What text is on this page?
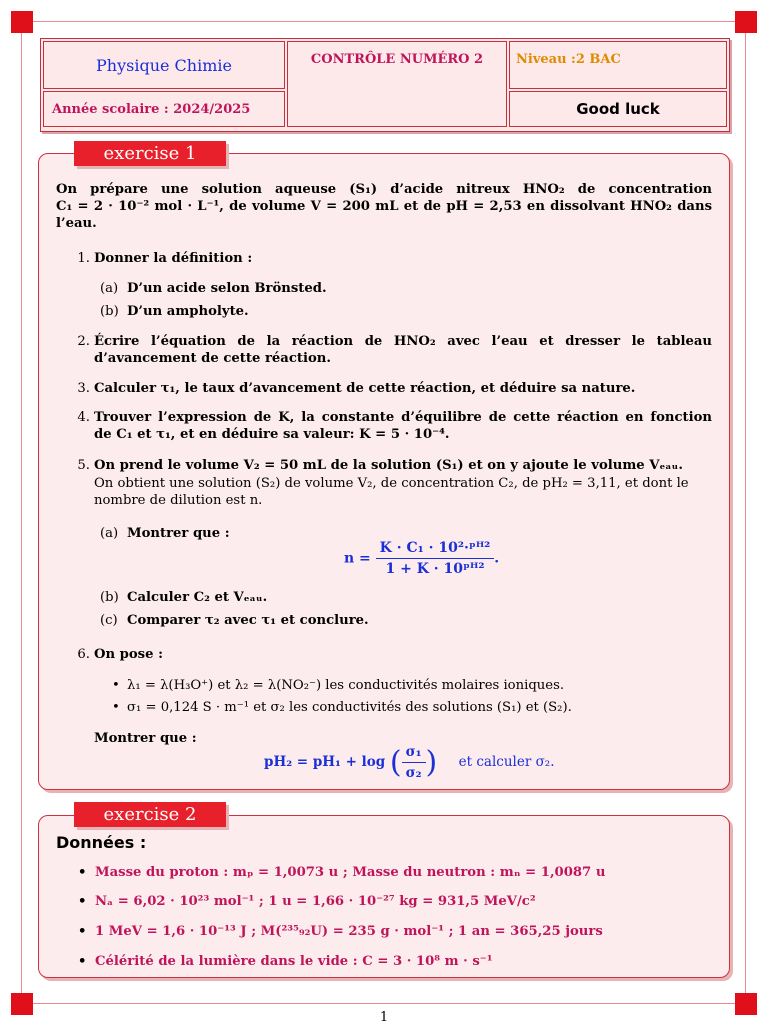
Physique Chimie
Année scolaire : 2024/2025
CONTRÔLE NUMÉRO 2	Niveau :2 BAC
Good luck
exercise 1
On prépare une solution aqueuse (S₁) d’acide nitreux HNO₂ de concentration
C₁ = 2 · 10⁻² mol · L⁻¹, de volume V = 200 mL et de pH = 2,53 en dissolvant HNO₂ dans
l’eau.
1. Donner la définition :
(a) D’un acide selon Brönsted.
(b) D’un ampholyte.
2. Écrire l’équation de la réaction de HNO₂ avec l’eau et dresser le tableau
d’avancement de cette réaction.
3. Calculer τ₁, le taux d’avancement de cette réaction, et déduire sa nature.
4. Trouver l’expression de K, la constante d’équilibre de cette réaction en fonction
de C₁ et τ₁, et en déduire sa valeur: K = 5 · 10⁻⁴.
5. On prend le volume V₂ = 50 mL de la solution (S₁) et on y ajoute le volume Vₑₐᵤ.
On obtient une solution (S₂) de volume V₂, de concentration C₂, de pH₂ = 3,11, et dont le
nombre de dilution est n.
(a) Montrer que :
$n = \frac{\text{K · C₁ · 10²·ᵖᴴ²}}{\text{1 + K · 10ᵖᴴ²}}$ .
(b) Calculer C₂ et Vₑₐᵤ.
(c) Comparer τ₂ avec τ₁ et conclure.
6. On pose :
• λ₁ = λ(H₃O⁺) et λ₂ = λ(NO₂⁻) les conductivités molaires ioniques.
• σ₁ = 0,124 S · m⁻¹ et σ₂ les conductivités des solutions (S₁) et (S₂).
Montrer que :
pH₂ = pH₁ + log ( $\frac{\text{σ₁}}{\text{σ₂}}$ ) et calculer σ₂.
exercise 2
Données :
• Masse du proton : mₚ = 1,0073 u ; Masse du neutron : mₙ = 1,0087 u
• Nₐ = 6,02 · 10²³ mol⁻¹ ; 1 u = 1,66 · 10⁻²⁷ kg = 931,5 MeV/c²
• 1 MeV = 1,6 · 10⁻¹³ J ; M(²³⁵₉₂U) = 235 g · mol⁻¹ ; 1 an = 365,25 jours
• Célérité de la lumière dans le vide : C = 3 · 10⁸ m · s⁻¹
1
